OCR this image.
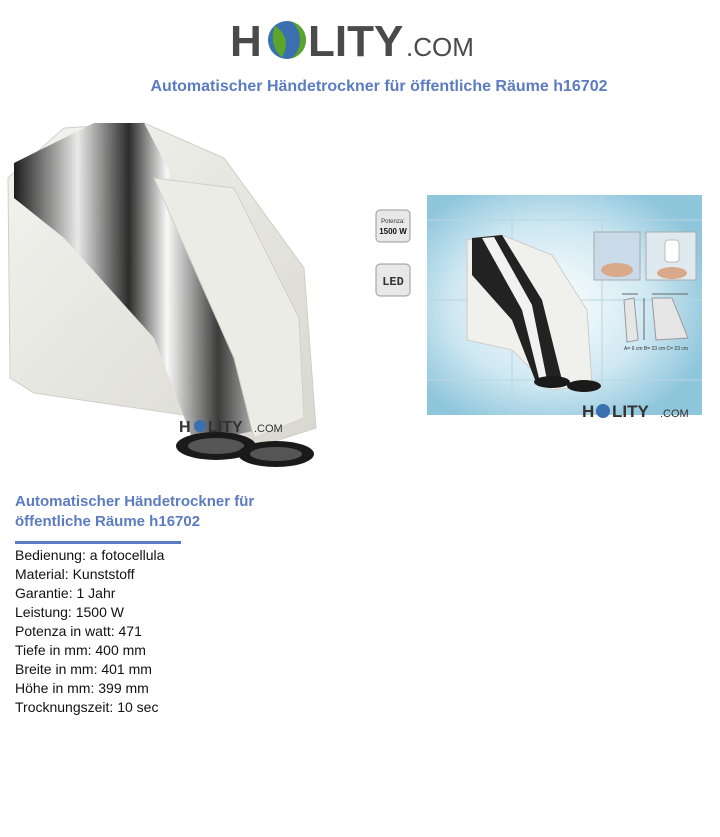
H LITY .COM
Automatischer Händetrockner für öffentliche Räume h16702
H LITY .COM
Potenza:
1500 W
LED
A= 6 cm B= 23 cm C= 23 cm
H LITY .COM
Automatischer Händetrockner für
öffentliche Räume h16702
Bedienung: a fotocellula
Material: Kunststoff
Garantie: 1 Jahr
Leistung: 1500 W
Potenza in watt: 471
Tiefe in mm: 400 mm
Breite in mm: 401 mm
Höhe in mm: 399 mm
Trocknungszeit: 10 sec
